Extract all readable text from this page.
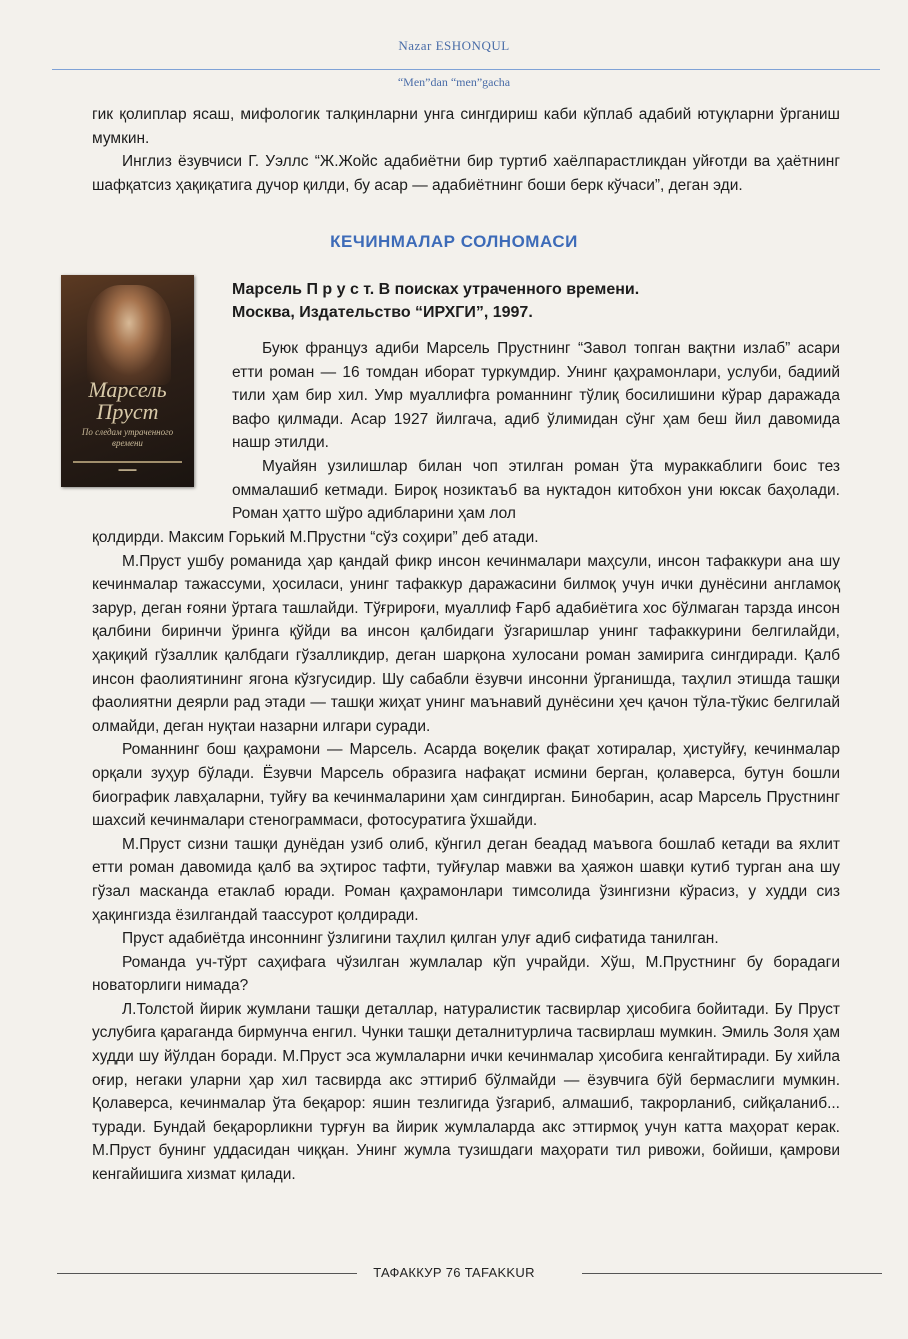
Nazar ESHONQUL
“Men”dan “men”gacha

гик қолиплар ясаш, мифологик талқинларни унга сингдириш каби кўплаб адабий ютуқларни ўрганиш мумкин.

Инглиз ёзувчиси Г. Уэллс “Ж.Жойс адабиётни бир туртиб хаёлпарастликдан уйғотди ва ҳаётнинг шафқатсиз ҳақиқатига дучор қилди, бу асар — адабиётнинг боши берк кўчаси”, деган эди.

КЕЧИНМАЛАР СОЛНОМАСИ
Марсель Пруст
По следам утраченного времени
▬▬▬
Марсель П р у с т. В поисках утраченного времени.
Москва, Издательство “ИРХГИ”, 1997.

Буюк француз адиби Марсель Прустнинг “Завол топган вақтни излаб” асари етти роман — 16 томдан иборат туркумдир. Унинг қаҳрамонлари, услуби, бадиий тили ҳам бир хил. Умр муаллифга романнинг тўлиқ босилишини кўрар даражада вафо қилмади. Асар 1927 йилгача, адиб ўлимидан сўнг ҳам беш йил давомида нашр этилди.

Муайян узилишлар билан чоп этилган роман ўта мураккаблиги боис тез оммалашиб кетмади. Бироқ нозиктаъб ва нуктадон китобхон уни юксак баҳолади. Роман ҳатто шўро адибларини ҳам лол

қолдирди. Максим Горький М.Прустни “сўз соҳири” деб атади.

М.Пруст ушбу романида ҳар қандай фикр инсон кечинмалари маҳсули, инсон тафаккури ана шу кечинмалар тажассуми, ҳосиласи, унинг тафаккур даражасини билмоқ учун ички дунёсини англамоқ зарур, деган ғояни ўртага ташлайди. Тўғрироғи, муаллиф Ғарб адабиётига хос бўлмаган тарзда инсон қалбини биринчи ўринга қўйди ва инсон қалбидаги ўзгаришлар унинг тафаккурини белгилайди, ҳақиқий гўзаллик қалбдаги гўзалликдир, деган шарқона хулосани роман замирига сингдиради. Қалб инсон фаолиятининг ягона кўзгусидир. Шу сабабли ёзувчи инсонни ўрганишда, таҳлил этишда ташқи фаолиятни деярли рад этади — ташқи жиҳат унинг маънавий дунёсини ҳеч қачон тўла-тўкис белгилай олмайди, деган нуқтаи назарни илгари суради.

Романнинг бош қаҳрамони — Марсель. Асарда воқелик фақат хотиралар, ҳистуйғу, кечинмалар орқали зуҳур бўлади. Ёзувчи Марсель образига нафақат исмини берган, қолаверса, бутун бошли биографик лавҳаларни, туйғу ва кечинмаларини ҳам сингдирган. Бинобарин, асар Марсель Прустнинг шахсий кечинмалари стенограммаси, фотосуратига ўхшайди.

М.Пруст сизни ташқи дунёдан узиб олиб, кўнгил деган беадад маъвога бошлаб кетади ва яхлит етти роман давомида қалб ва эҳтирос тафти, туйғулар мавжи ва ҳаяжон шавқи кутиб турган ана шу гўзал масканда етаклаб юради. Роман қаҳрамонлари тимсолида ўзингизни кўрасиз, у худди сиз ҳақингизда ёзилгандай таассурот қолдиради.

Пруст адабиётда инсоннинг ўзлигини таҳлил қилган улуғ адиб сифатида танилган.

Романда уч-тўрт саҳифага чўзилган жумлалар кўп учрайди. Хўш, М.Прустнинг бу борадаги новаторлиги нимада?

Л.Толстой йирик жумлани ташқи деталлар, натуралистик тасвирлар ҳисобига бойитади. Бу Пруст услубига қараганда бирмунча енгил. Чунки ташқи деталнитурлича тасвирлаш мумкин. Эмиль Золя ҳам худди шу йўлдан боради. М.Пруст эса жумлаларни ички кечинмалар ҳисобига кенгайтиради. Бу хийла оғир, негаки уларни ҳар хил тасвирда акс эттириб бўлмайди — ёзувчига бўй бермаслиги мумкин. Қолаверса, кечинмалар ўта беқарор: яшин тезлигида ўзгариб, алмашиб, такрорланиб, сийқаланиб... туради. Бундай беқарорликни турғун ва йирик жумлаларда акс эттирмоқ учун катта маҳорат керак. М.Пруст бунинг уддасидан чиққан. Унинг жумла тузишдаги маҳорати тил ривожи, бойиши, қамрови кенгайишига хизмат қилади.

ТАФАККУР 76 TAFAKKUR
